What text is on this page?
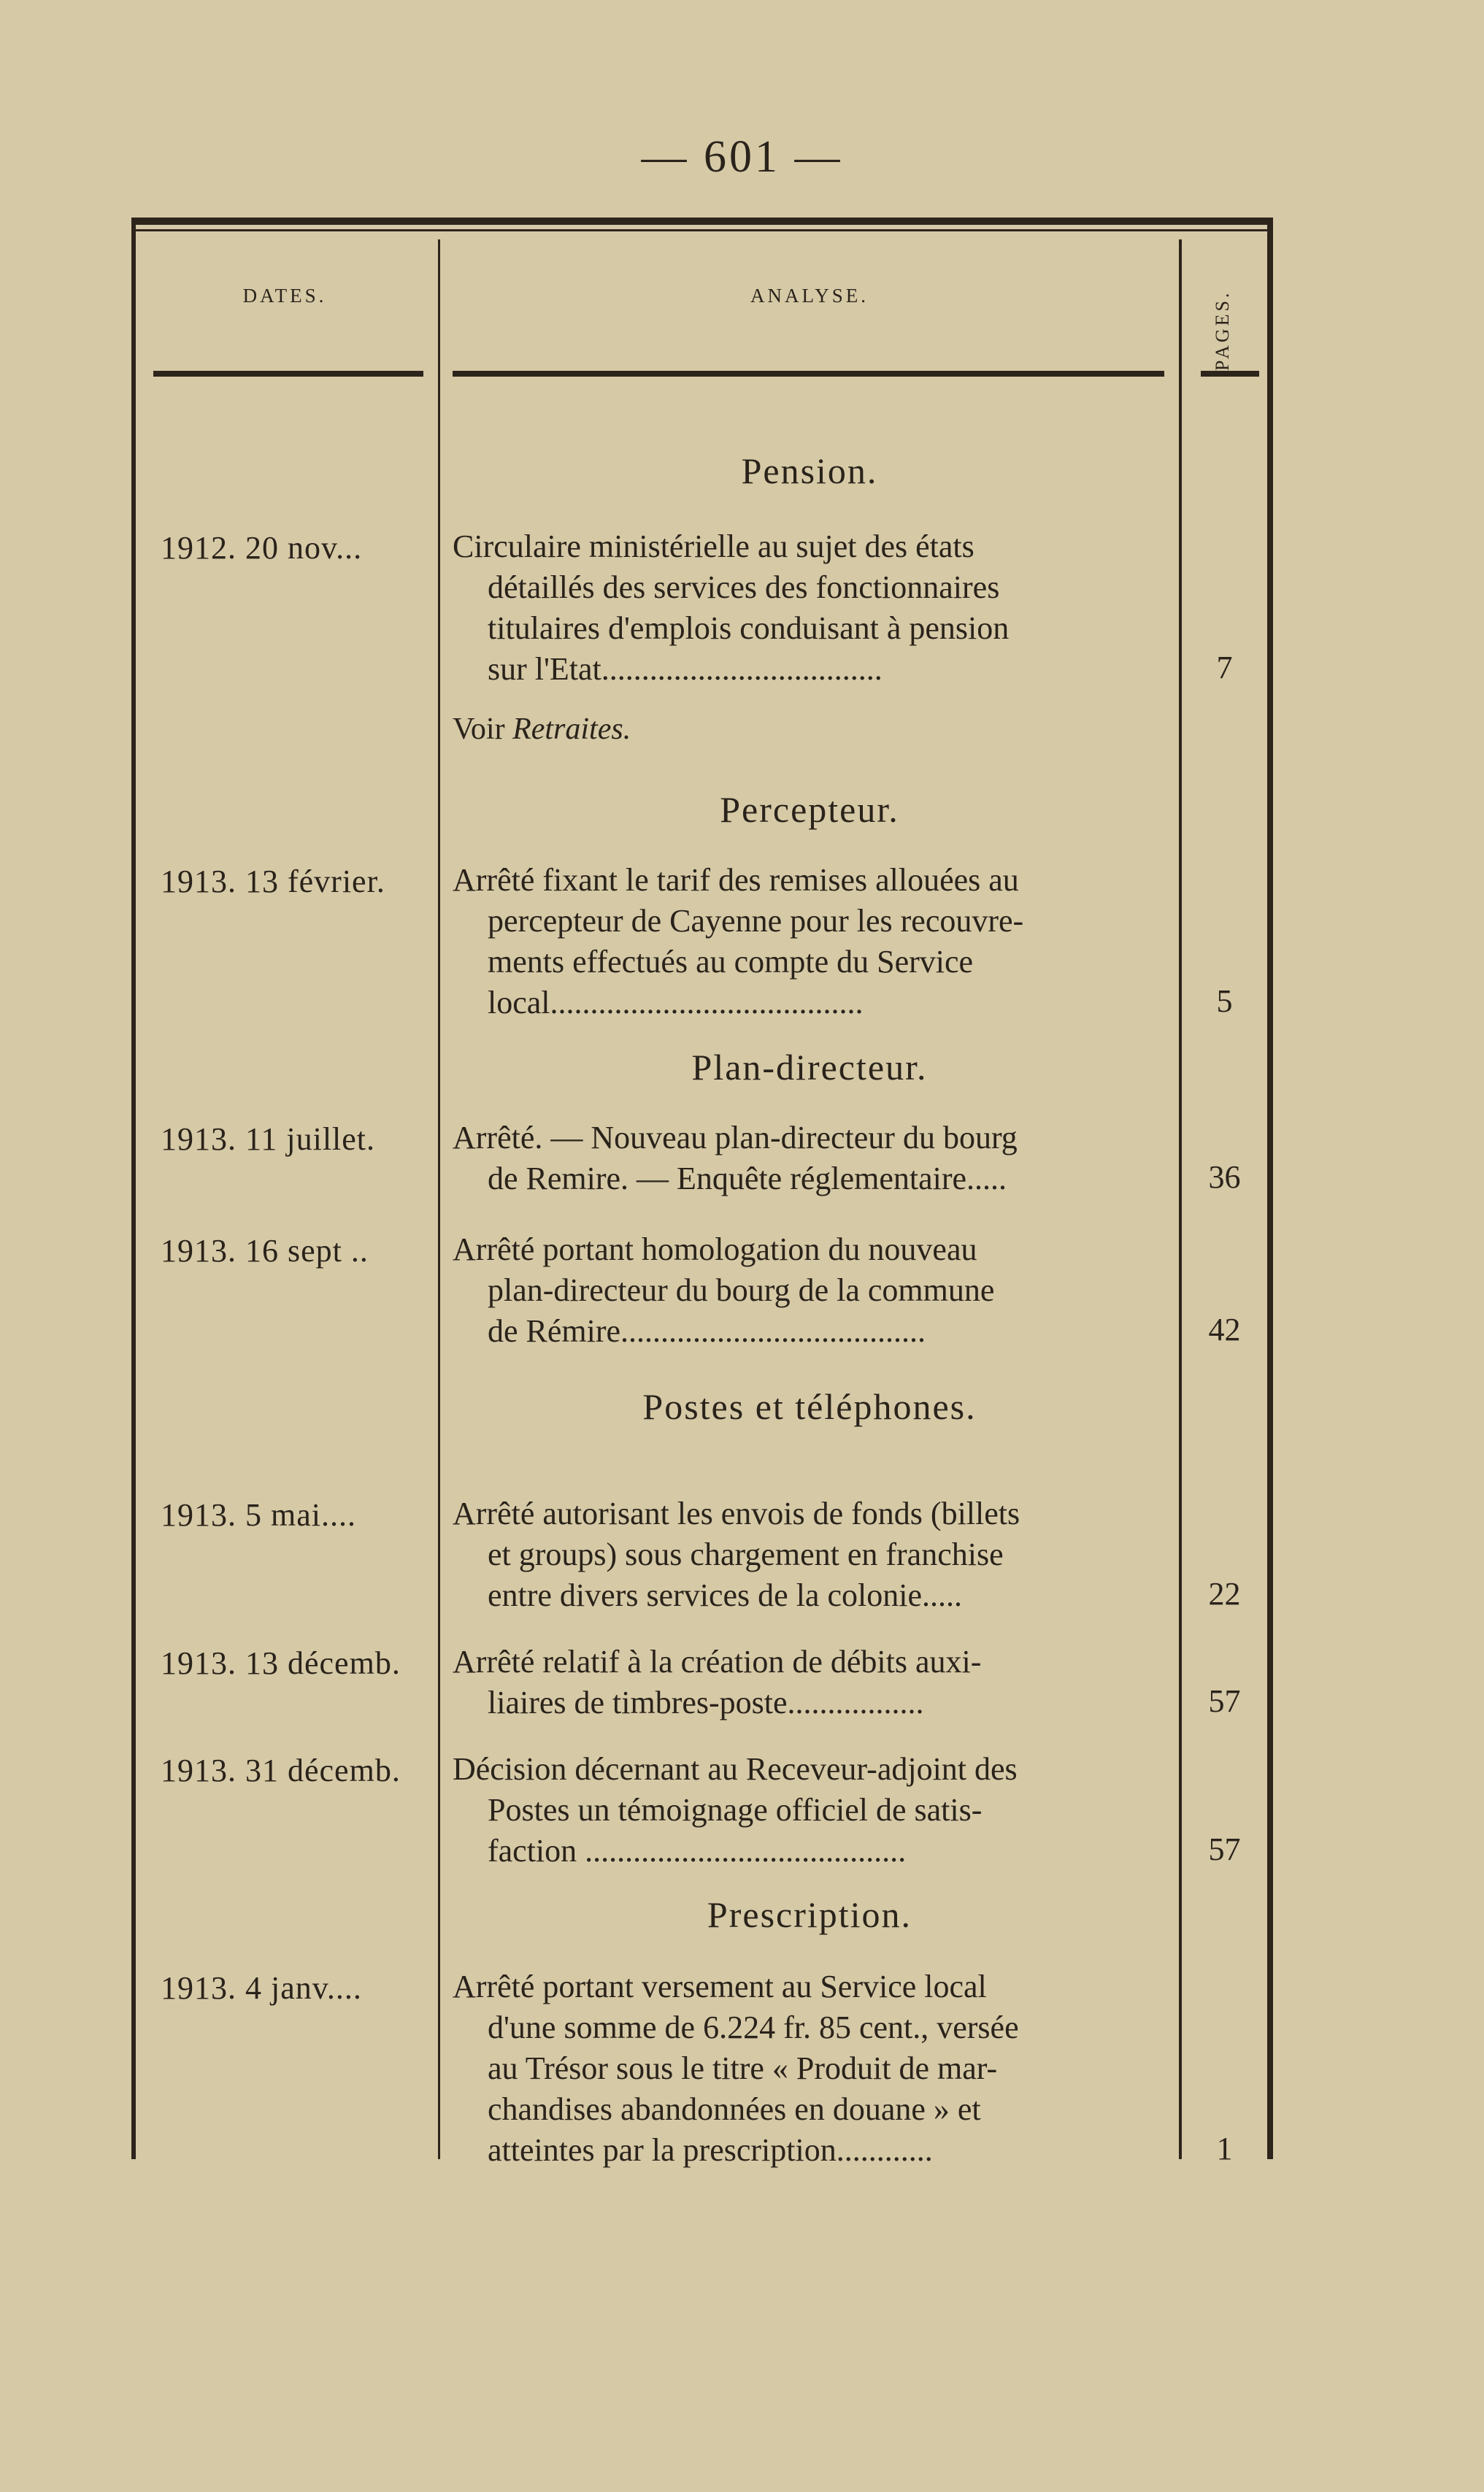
— 601 —
DATES.	ANALYSE.	PAGES.
Pension.
1912. 20 nov...	Circulaire ministérielle au sujet des états
détaillés des services des fonctionnaires
titulaires d'emplois conduisant à pension
sur l'Etat...................................	7
Voir Retraites.
Percepteur.
1913. 13 février.	Arrêté fixant le tarif des remises allouées au
percepteur de Cayenne pour les recouvre-
ments effectués au compte du Service
local.......................................	5
Plan-directeur.
1913. 11 juillet.	Arrêté. — Nouveau plan-directeur du bourg
de Remire. — Enquête réglementaire.....	36
1913. 16 sept ..	Arrêté portant homologation du nouveau
plan-directeur du bourg de la commune
de Rémire......................................	42
Postes et téléphones.
1913. 5 mai....	Arrêté autorisant les envois de fonds (billets
et groups) sous chargement en franchise
entre divers services de la colonie.....	22
1913. 13 décemb.	Arrêté relatif à la création de débits auxi-
liaires de timbres-poste.................	57
1913. 31 décemb.	Décision décernant au Receveur-adjoint des
Postes un témoignage officiel de satis-
faction ........................................	57
Prescription.
1913. 4 janv....	Arrêté portant versement au Service local
d'une somme de 6.224 fr. 85 cent., versée
au Trésor sous le titre « Produit de mar-
chandises abandonnées en douane » et
atteintes par la prescription............	1
